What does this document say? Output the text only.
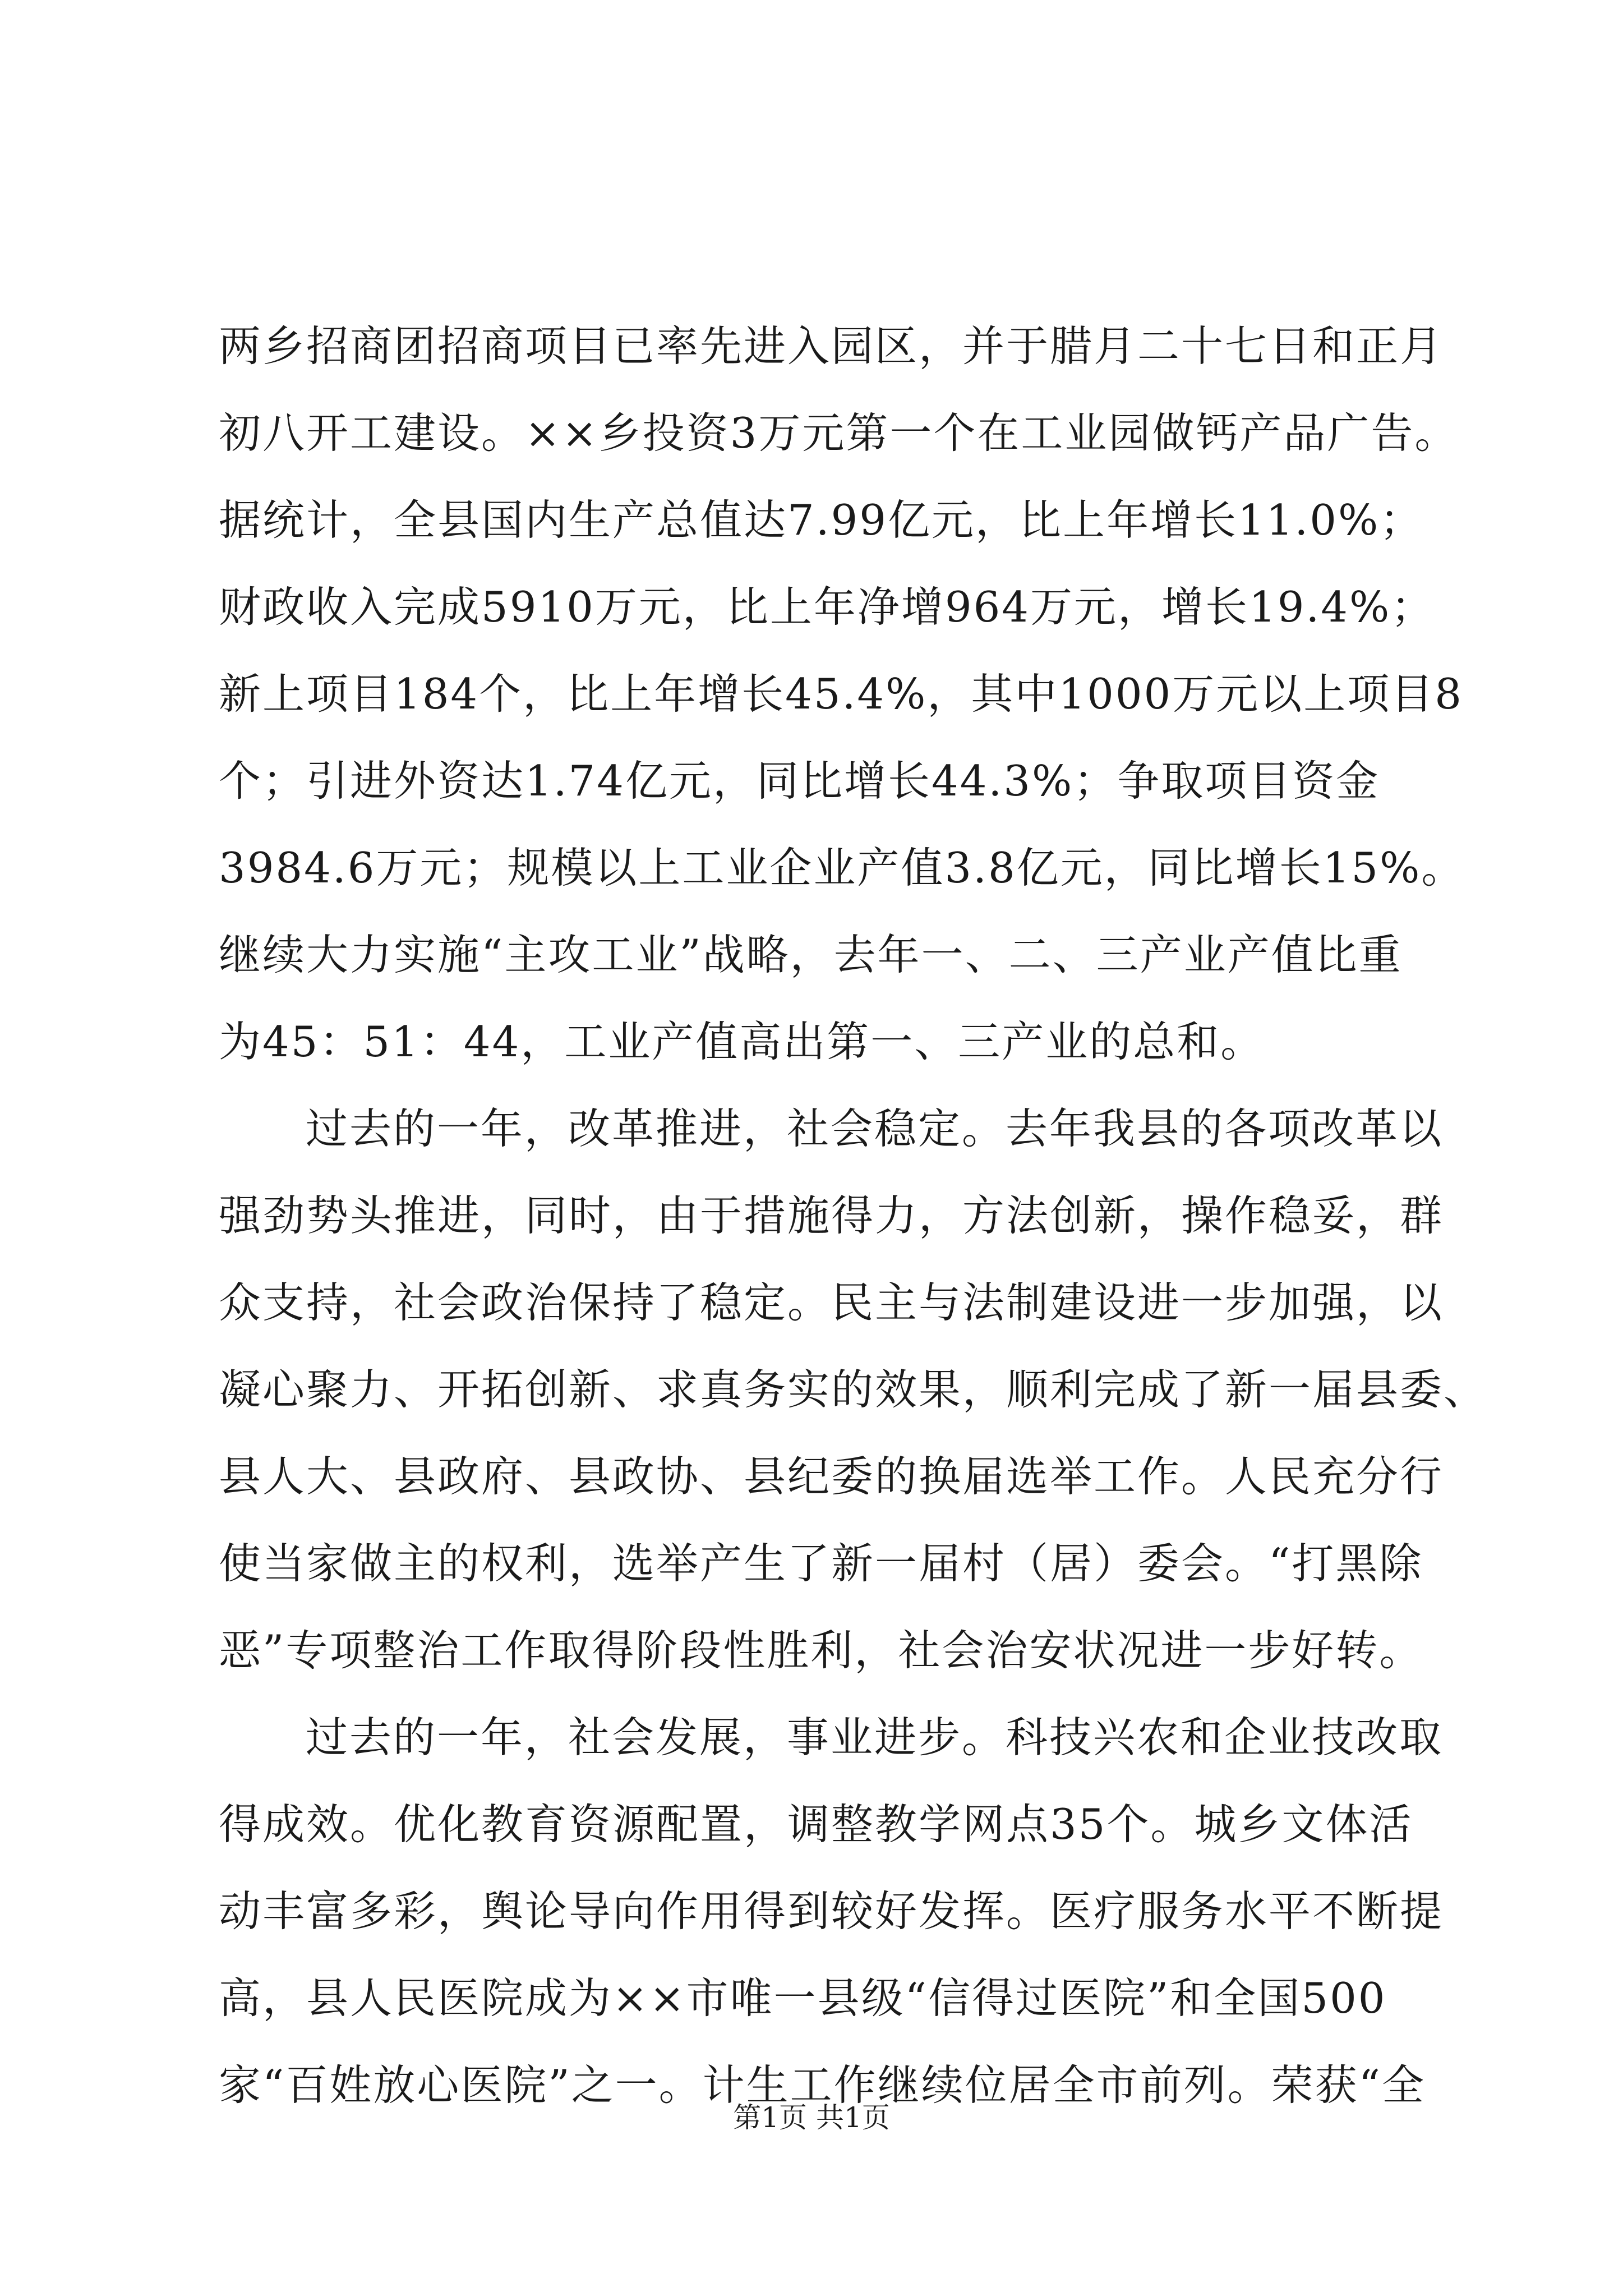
两乡招商团招商项目已率先进入园区，并于腊月二十七日和正月
初八开工建设。××乡投资3万元第一个在工业园做钙产品广告。
据统计，全县国内生产总值达7.99亿元，比上年增长11.0%；
财政收入完成5910万元，比上年净增964万元，增长19.4%；
新上项目184个，比上年增长45.4%，其中1000万元以上项目8
个；引进外资达1.74亿元，同比增长44.3%；争取项目资金
3984.6万元；规模以上工业企业产值3.8亿元，同比增长15%。
继续大力实施“主攻工业”战略，去年一、二、三产业产值比重
为45：51：44，工业产值高出第一、三产业的总和。
过去的一年，改革推进，社会稳定。去年我县的各项改革以
强劲势头推进，同时，由于措施得力，方法创新，操作稳妥，群
众支持，社会政治保持了稳定。民主与法制建设进一步加强，以
凝心聚力、开拓创新、求真务实的效果，顺利完成了新一届县委、
县人大、县政府、县政协、县纪委的换届选举工作。人民充分行
使当家做主的权利，选举产生了新一届村（居）委会。“打黑除
恶”专项整治工作取得阶段性胜利，社会治安状况进一步好转。
过去的一年，社会发展，事业进步。科技兴农和企业技改取
得成效。优化教育资源配置，调整教学网点35个。城乡文体活
动丰富多彩，舆论导向作用得到较好发挥。医疗服务水平不断提
高，县人民医院成为××市唯一县级“信得过医院”和全国500
家“百姓放心医院”之一。计生工作继续位居全市前列。荣获“全
第1页 共1页
